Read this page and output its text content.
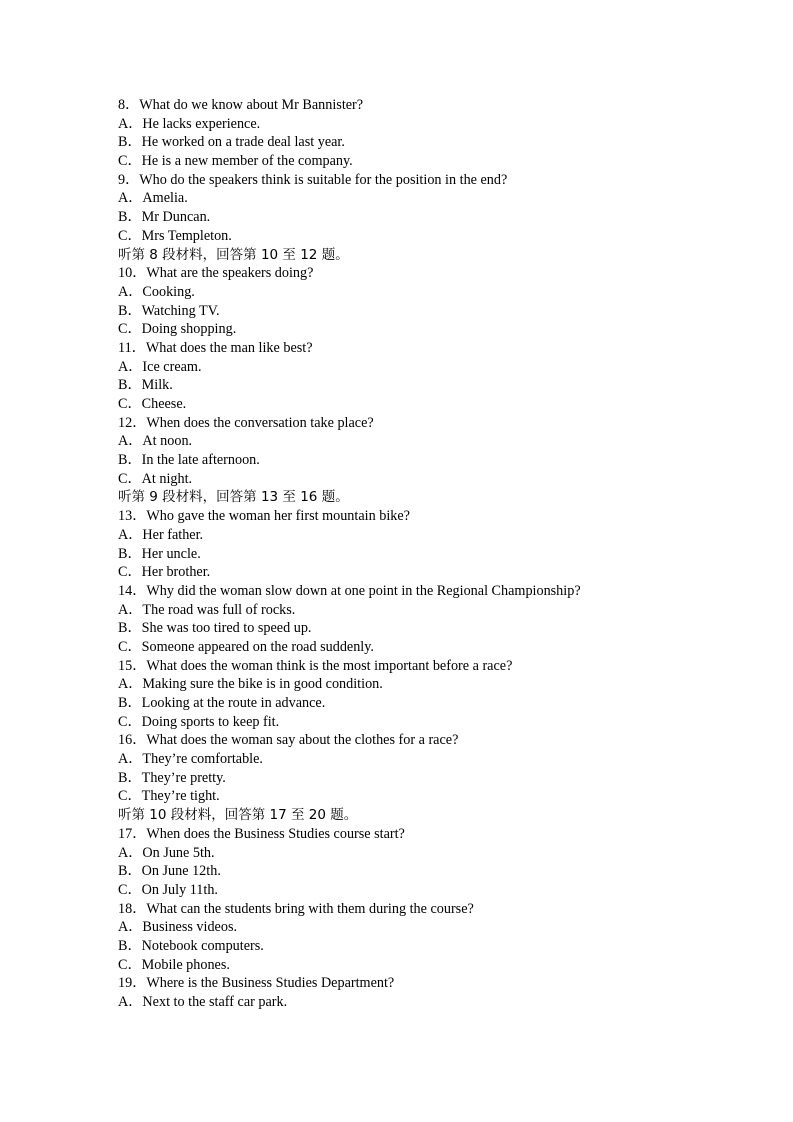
8．What do we know about Mr Bannister?
A．He lacks experience.
B．He worked on a trade deal last year.
C．He is a new member of the company.
9．Who do the speakers think is suitable for the position in the end?
A．Amelia.
B．Mr Duncan.
C．Mrs Templeton.
听第 8 段材料，回答第 10 至 12 题。
10．What are the speakers doing?
A．Cooking.
B．Watching TV.
C．Doing shopping.
11．What does the man like best?
A．Ice cream.
B．Milk.
C．Cheese.
12．When does the conversation take place?
A．At noon.
B．In the late afternoon.
C．At night.
听第 9 段材料，回答第 13 至 16 题。
13．Who gave the woman her first mountain bike?
A．Her father.
B．Her uncle.
C．Her brother.
14．Why did the woman slow down at one point in the Regional Championship?
A．The road was full of rocks.
B．She was too tired to speed up.
C．Someone appeared on the road suddenly.
15．What does the woman think is the most important before a race?
A．Making sure the bike is in good condition.
B．Looking at the route in advance.
C．Doing sports to keep fit.
16．What does the woman say about the clothes for a race?
A．They’re comfortable.
B．They’re pretty.
C．They’re tight.
听第 10 段材料，回答第 17 至 20 题。
17．When does the Business Studies course start?
A．On June 5th.
B．On June 12th.
C．On July 11th.
18．What can the students bring with them during the course?
A．Business videos.
B．Notebook computers.
C．Mobile phones.
19．Where is the Business Studies Department?
A．Next to the staff car park.
